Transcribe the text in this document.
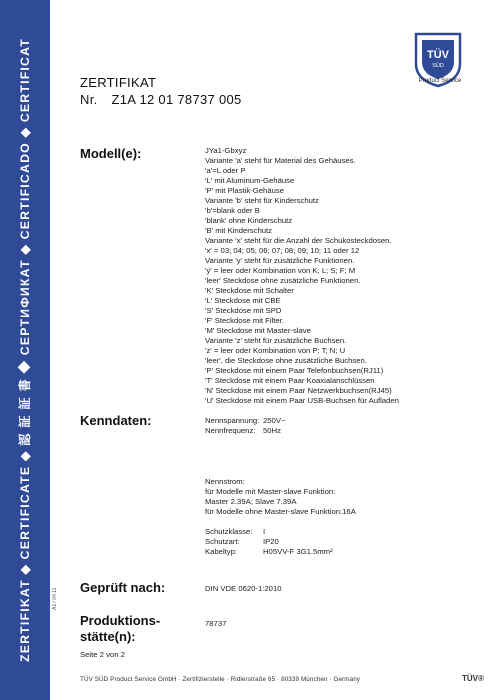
ZERTIFIKAT ◆ CERTIFICATE ◆ 認 証 証 書 ◆ СЕРТИФИКАТ ◆ CERTIFICADO ◆ CERTIFICAT	A1 / 04.11
TÜV
SÜD
Product Service
ZERTIFIKAT
Nr. Z1A 12 01 78737 005
Modell(e):	JYa1-Gbxyz
Variante 'a' steht für Material des Gehäuses.
'a'=L oder P
'L' mit Aluminum-Gehäuse
'P' mit Plastik-Gehäuse
Variante 'b' steht für Kinderschutz
'b'=blank oder B
'blank' ohne Kinderschutz
'B' mit Kinderschutz
Variante 'x' steht für die Anzahl der Schukosteckdosen.
'x' = 03; 04; 05; 06; 07; 08; 09; 10; 11 oder 12
Variante 'y' steht für zusätzliche Funktionen.
'y' = leer oder Kombination von K; L; S; F; M
'leer' Steckdose ohne zusätzliche Funktionen.
'K' Steckdose mit Schalter
'L' Steckdose mit CBE
'S' Steckdose mit SPD
'F' Steckdose mit Filter.
'M' Steckdose mit Master-slave
Variante 'z' steht für zusätzliche Buchsen.
'z' = leer oder Kombination von P; T; N; U
'leer', die Steckdose ohne zusätzliche Buchsen.
'P' Steckdose mit einem Paar Telefonbuchsen(RJ11)
'T' Steckdose mit einem Paar Koaxialanschlüssen
'N' Steckdose mit einem Paar Netzwerkbuchsen(RJ45)
'U' Steckdose mit einem Paar USB-Buchsen für Aufladen
Kenndaten:	Nennspannung: 250V~
Nennfrequenz: 50Hz
Nennstrom:
für Modelle mit Master-slave Funktion:
Master 2.39A; Slave 7.39A
für Modelle ohne Master-slave Funktion:16A
Schutzklasse:	I
Schutzart:	IP20
Kabeltyp:	H05VV-F 3G1.5mm²
Geprüft nach:	DIN VDE 0620-1:2010
Produktions-
stätte(n):
78737
Seite 2 von 2
TÜV SÜD Product Service GmbH · Zertifizierstelle · Ridlerstraße 65 · 80339 München · Germany	TÜV®
